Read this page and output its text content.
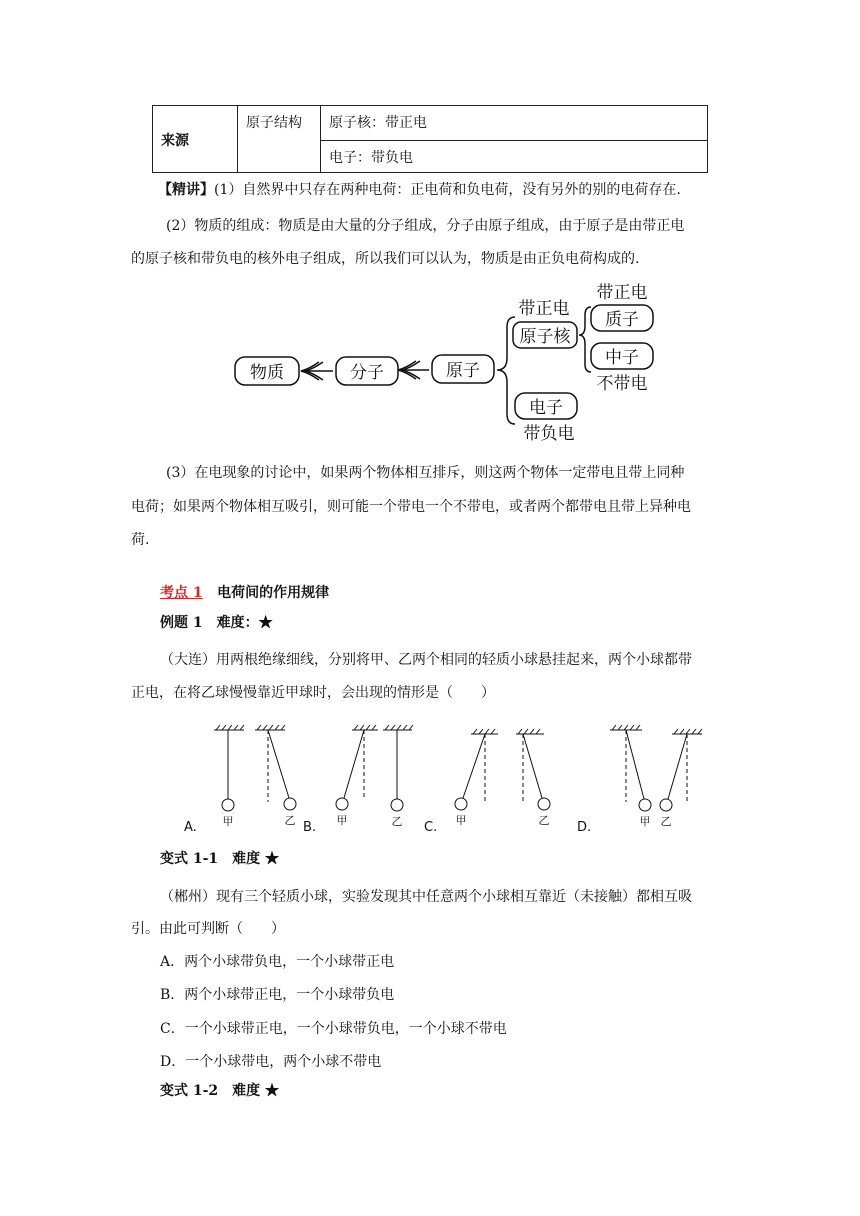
来源
原子结构 原子核：带正电
电子：带负电
【精讲】(1）自然界中只存在两种电荷：正电荷和负电荷，没有另外的别的电荷存在.
(2）物质的组成：物质是由大量的分子组成，分子由原子组成，由于原子是由带正电
的原子核和带负电的核外电子组成，所以我们可以认为，物质是由正负电荷构成的.
物质	分子	原子
原子核
带正电
质子
带正电
中子
不带电
电子
带负电
(3）在电现象的讨论中，如果两个物体相互排斥，则这两个物体一定带电且带上同种
电荷；如果两个物体相互吸引，则可能一个带电一个不带电，或者两个都带电且带上异种电
荷.
考点 1 电荷间的作用规律
例题 1　难度：★
（大连）用两根绝缘细线，分别将甲、乙两个相同的轻质小球悬挂起来，两个小球都带
正电，在将乙球慢慢靠近甲球时，会出现的情形是（　　）
甲	乙	甲	乙	甲	乙	甲 乙
A.	B.	C.	D.
变式 1-1　难度 ★
（郴州）现有三个轻质小球，实验发现其中任意两个小球相互靠近（未接触）都相互吸
引。由此可判断（　　）
A．两个小球带负电，一个小球带正电
B．两个小球带正电，一个小球带负电
C．一个小球带正电，一个小球带负电，一个小球不带电
D．一个小球带电，两个小球不带电
变式 1-2　难度 ★
